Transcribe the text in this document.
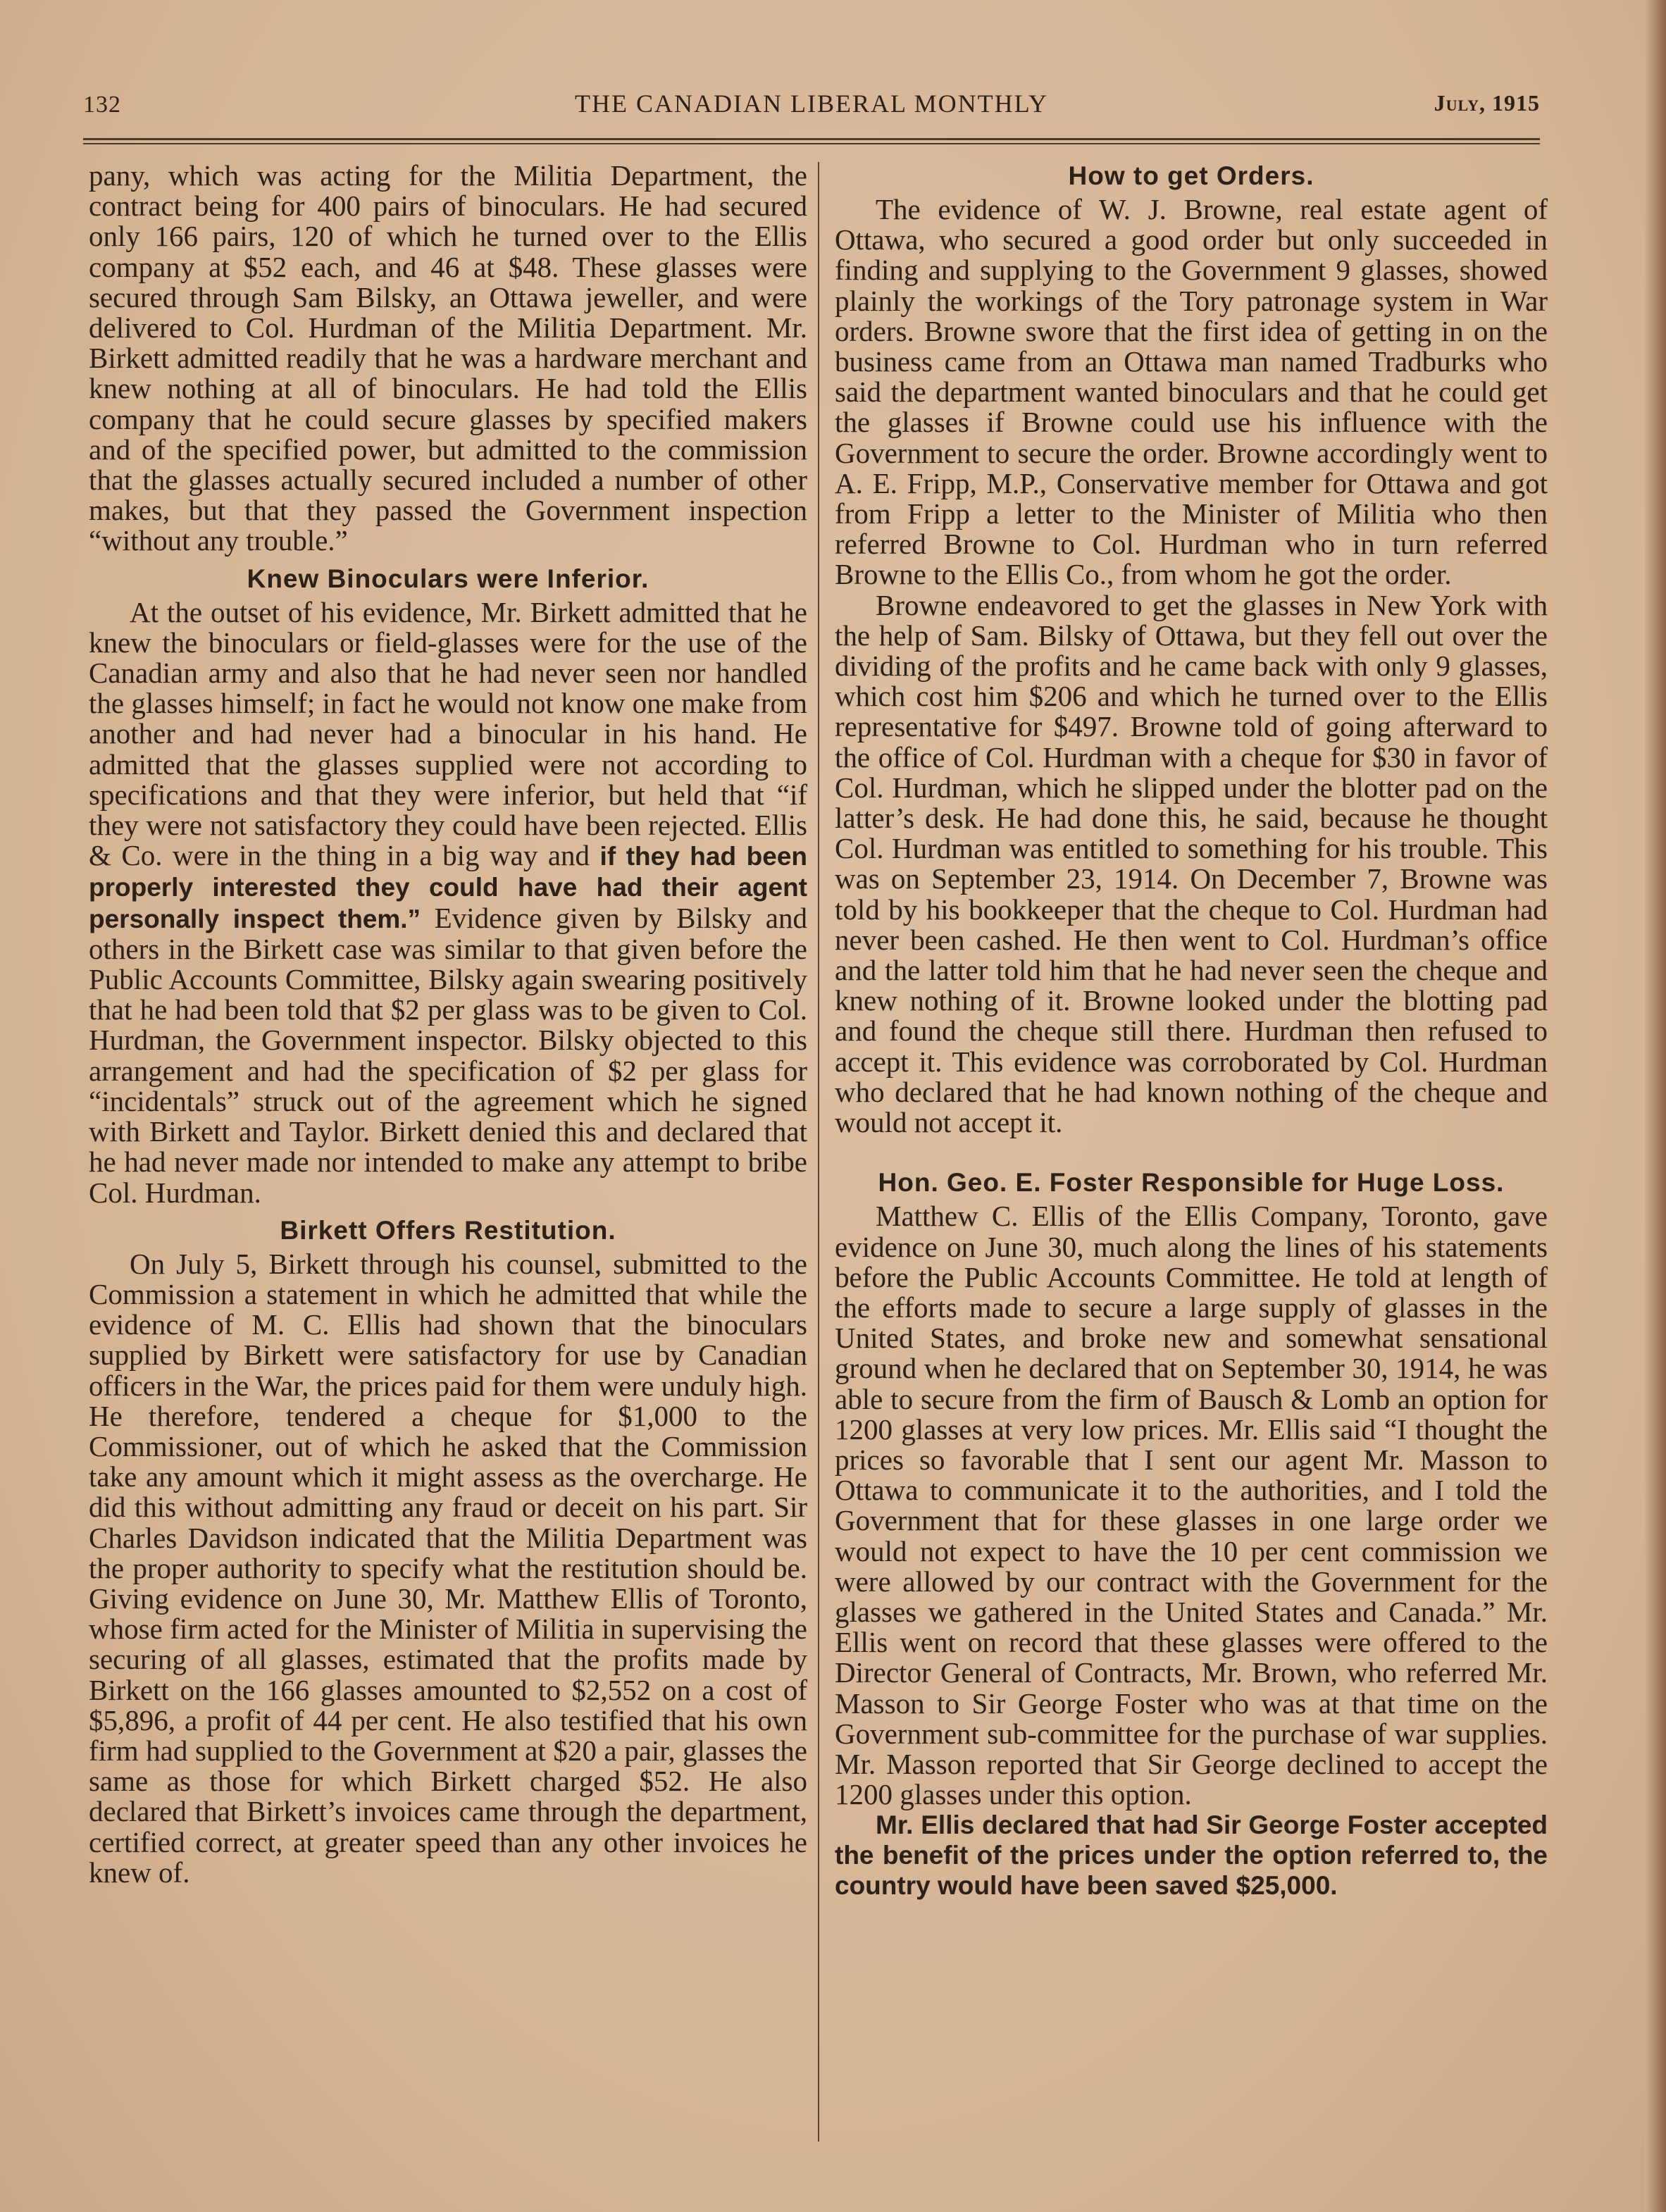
132	THE CANADIAN LIBERAL MONTHLY	July, 1915

pany, which was acting for the Militia Department, the contract being for 400 pairs of binoculars. He had secured only 166 pairs, 120 of which he turned over to the Ellis company at $52 each, and 46 at $48. These glasses were secured through Sam Bilsky, an Ottawa jeweller, and were delivered to Col. Hurdman of the Militia Department. Mr. Birkett admitted readily that he was a hardware merchant and knew nothing at all of binoculars. He had told the Ellis company that he could secure glasses by specified makers and of the specified power, but admitted to the commission that the glasses actually secured included a number of other makes, but that they passed the Government inspection “without any trouble.”

Knew Binoculars were Inferior.

At the outset of his evidence, Mr. Birkett admitted that he knew the binoculars or field-glasses were for the use of the Canadian army and also that he had never seen nor handled the glasses himself; in fact he would not know one make from another and had never had a binocular in his hand. He admitted that the glasses supplied were not according to specifications and that they were inferior, but held that “if they were not satisfactory they could have been rejected. Ellis & Co. were in the thing in a big way and if they had been properly interested they could have had their agent personally inspect them.” Evidence given by Bilsky and others in the Birkett case was similar to that given before the Public Accounts Committee, Bilsky again swearing positively that he had been told that $2 per glass was to be given to Col. Hurdman, the Government inspector. Bilsky objected to this arrangement and had the specification of $2 per glass for “incidentals” struck out of the agreement which he signed with Birkett and Taylor. Birkett denied this and declared that he had never made nor intended to make any attempt to bribe Col. Hurdman.

Birkett Offers Restitution.

On July 5, Birkett through his counsel, submitted to the Commission a statement in which he admitted that while the evidence of M. C. Ellis had shown that the binoculars supplied by Birkett were satisfactory for use by Canadian officers in the War, the prices paid for them were unduly high. He therefore, tendered a cheque for $1,000 to the Commissioner, out of which he asked that the Commission take any amount which it might assess as the overcharge. He did this without admitting any fraud or deceit on his part. Sir Charles Davidson indicated that the Militia Department was the proper authority to specify what the restitution should be. Giving evidence on June 30, Mr. Matthew Ellis of Toronto, whose firm acted for the Minister of Militia in supervising the securing of all glasses, estimated that the profits made by Birkett on the 166 glasses amounted to $2,552 on a cost of $5,896, a profit of 44 per cent. He also testified that his own firm had supplied to the Government at $20 a pair, glasses the same as those for which Birkett charged $52. He also declared that Birkett’s invoices came through the department, certified correct, at greater speed than any other invoices he knew of.

How to get Orders.

The evidence of W. J. Browne, real estate agent of Ottawa, who secured a good order but only succeeded in finding and supplying to the Government 9 glasses, showed plainly the workings of the Tory patronage system in War orders. Browne swore that the first idea of getting in on the business came from an Ottawa man named Tradburks who said the department wanted binoculars and that he could get the glasses if Browne could use his influence with the Government to secure the order. Browne accordingly went to A. E. Fripp, M.P., Conservative member for Ottawa and got from Fripp a letter to the Minister of Militia who then referred Browne to Col. Hurdman who in turn referred Browne to the Ellis Co., from whom he got the order.

Browne endeavored to get the glasses in New York with the help of Sam. Bilsky of Ottawa, but they fell out over the dividing of the profits and he came back with only 9 glasses, which cost him $206 and which he turned over to the Ellis representative for $497. Browne told of going afterward to the office of Col. Hurdman with a cheque for $30 in favor of Col. Hurdman, which he slipped under the blotter pad on the latter’s desk. He had done this, he said, because he thought Col. Hurdman was entitled to something for his trouble. This was on September 23, 1914. On December 7, Browne was told by his bookkeeper that the cheque to Col. Hurdman had never been cashed. He then went to Col. Hurdman’s office and the latter told him that he had never seen the cheque and knew nothing of it. Browne looked under the blotting pad and found the cheque still there. Hurdman then refused to accept it. This evidence was corroborated by Col. Hurdman who declared that he had known nothing of the cheque and would not accept it.

Hon. Geo. E. Foster Responsible for Huge Loss.

Matthew C. Ellis of the Ellis Company, Toronto, gave evidence on June 30, much along the lines of his statements before the Public Accounts Committee. He told at length of the efforts made to secure a large supply of glasses in the United States, and broke new and somewhat sensational ground when he declared that on September 30, 1914, he was able to secure from the firm of Bausch & Lomb an option for 1200 glasses at very low prices. Mr. Ellis said “I thought the prices so favorable that I sent our agent Mr. Masson to Ottawa to communicate it to the authorities, and I told the Government that for these glasses in one large order we would not expect to have the 10 per cent commission we were allowed by our contract with the Government for the glasses we gathered in the United States and Canada.” Mr. Ellis went on record that these glasses were offered to the Director General of Contracts, Mr. Brown, who referred Mr. Masson to Sir George Foster who was at that time on the Government sub-committee for the purchase of war supplies. Mr. Masson reported that Sir George declined to accept the 1200 glasses under this option.

Mr. Ellis declared that had Sir George Foster accepted the benefit of the prices under the option referred to, the country would have been saved $25,000.
